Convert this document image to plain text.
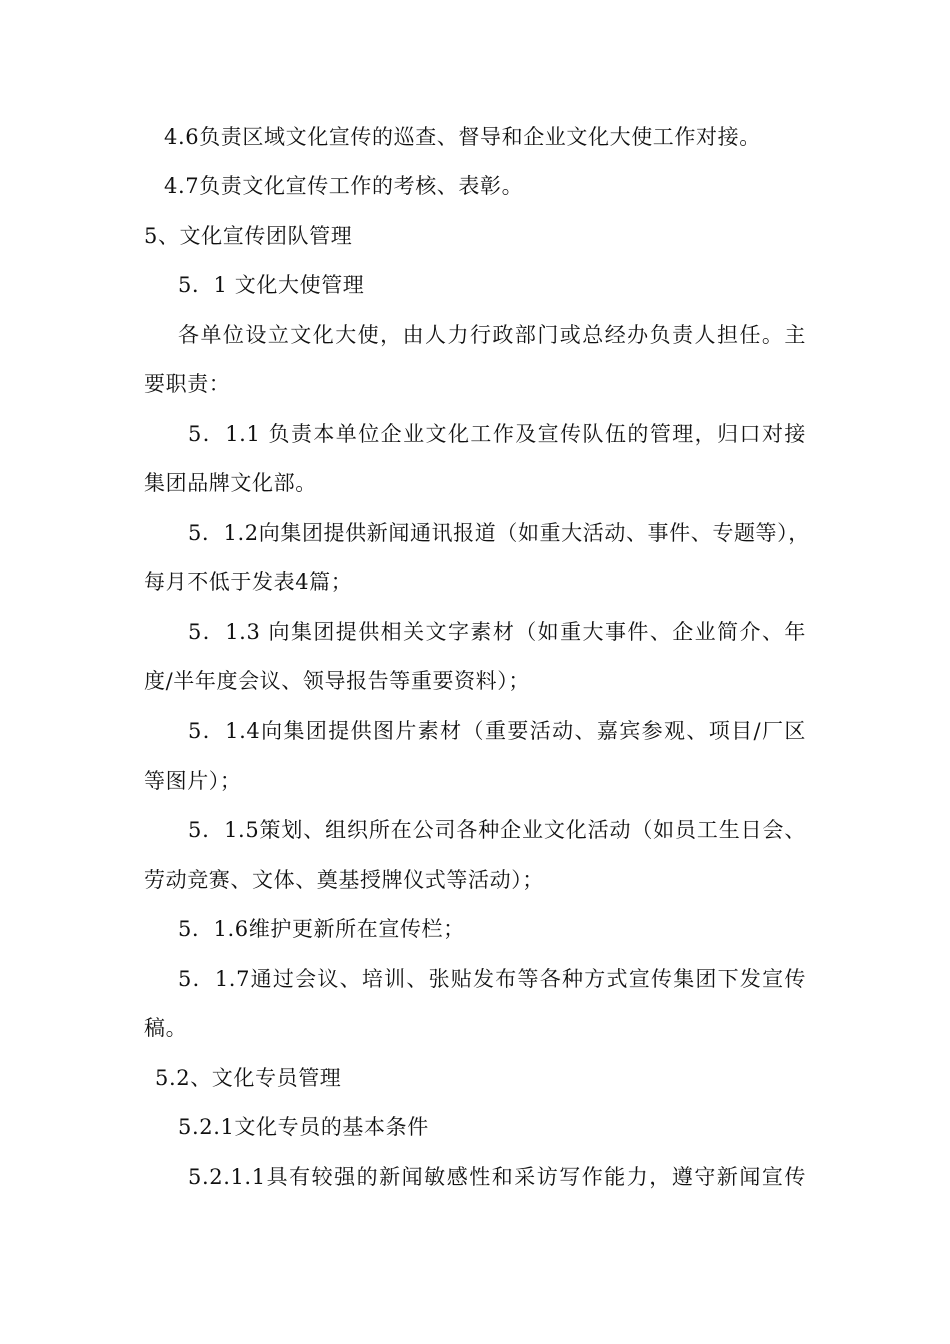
4.6负责区域文化宣传的巡查、督导和企业文化大使工作对接。
4.7负责文化宣传工作的考核、表彰。
5、文化宣传团队管理
5．1 文化大使管理
各单位设立文化大使，由人力行政部门或总经办负责人担任。主
要职责：
5．1.1 负责本单位企业文化工作及宣传队伍的管理，归口对接
集团品牌文化部。
5．1.2向集团提供新闻通讯报道（如重大活动、事件、专题等），
每月不低于发表4篇；
5．1.3 向集团提供相关文字素材（如重大事件、企业简介、年
度/半年度会议、领导报告等重要资料）；
5．1.4向集团提供图片素材（重要活动、嘉宾参观、项目/厂区
等图片）；
5．1.5策划、组织所在公司各种企业文化活动（如员工生日会、
劳动竞赛、文体、奠基授牌仪式等活动）；
5．1.6维护更新所在宣传栏；
5．1.7通过会议、培训、张贴发布等各种方式宣传集团下发宣传
稿。
5.2、文化专员管理
5.2.1文化专员的基本条件
5.2.1.1具有较强的新闻敏感性和采访写作能力，遵守新闻宣传
